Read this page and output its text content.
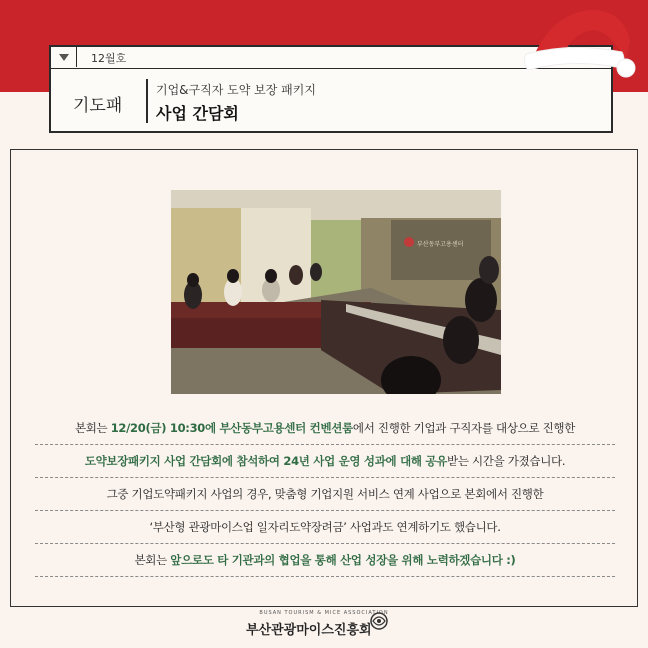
12월호
기도패
기업&구직자 도약 보장 패키지
사업 간담회
부산동부고용센터
본회는 12/20(금) 10:30에 부산동부고용센터 컨벤션룸에서 진행한 기업과 구직자를 대상으로 진행한
도약보장패키지 사업 간담회에 참석하여 24년 사업 운영 성과에 대해 공유받는 시간을 가졌습니다.
그중 기업도약패키지 사업의 경우, 맞춤형 기업지원 서비스 연계 사업으로 본회에서 진행한
‘부산형 관광마이스업 일자리도약장려금’ 사업과도 연계하기도 했습니다.
본회는 앞으로도 타 기관과의 협업을 통해 산업 성장을 위해 노력하겠습니다 :)
BUSAN TOURISM & MICE ASSOCIATION
부산관광마이스진흥회
